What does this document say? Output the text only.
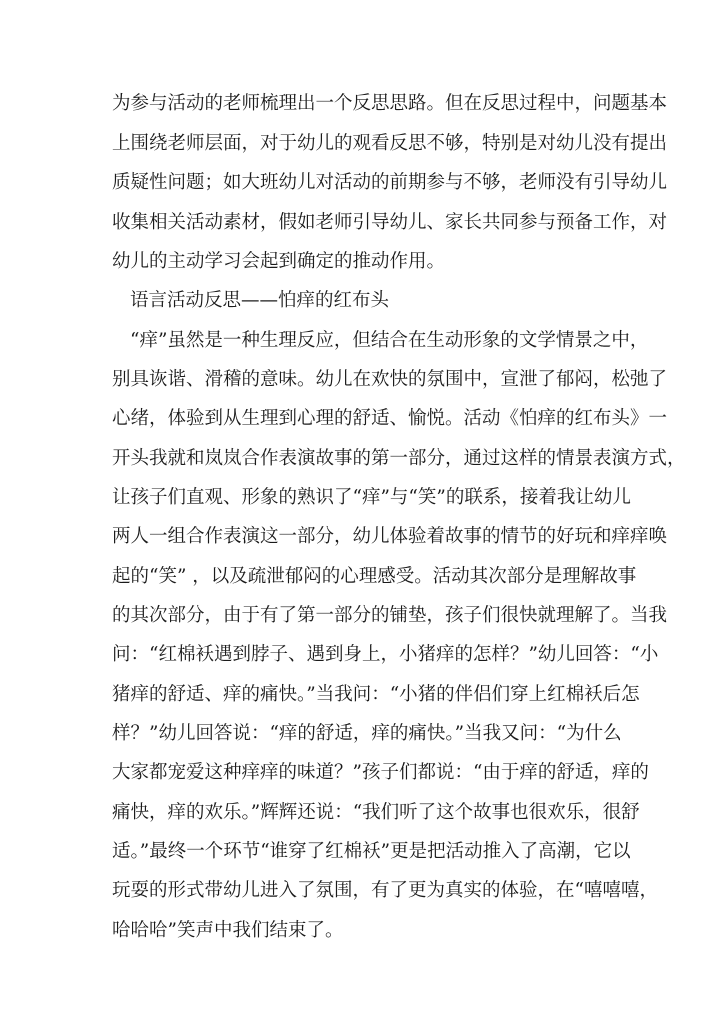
为参与活动的老师梳理出一个反思思路。但在反思过程中，问题基本
上围绕老师层面，对于幼儿的观看反思不够，特别是对幼儿没有提出
质疑性问题；如大班幼儿对活动的前期参与不够，老师没有引导幼儿
收集相关活动素材，假如老师引导幼儿、家长共同参与预备工作，对
幼儿的主动学习会起到确定的推动作用。
语言活动反思——怕痒的红布头
“痒”虽然是一种生理反应，但结合在生动形象的文学情景之中，
别具诙谐、滑稽的意味。幼儿在欢快的氛围中，宣泄了郁闷，松弛了
心绪，体验到从生理到心理的舒适、愉悦。活动《怕痒的红布头》一
开头我就和岚岚合作表演故事的第一部分，通过这样的情景表演方式，
让孩子们直观、形象的熟识了“痒”与“笑”的联系，接着我让幼儿
两人一组合作表演这一部分，幼儿体验着故事的情节的好玩和痒痒唤
起的“笑” ，以及疏泄郁闷的心理感受。活动其次部分是理解故事
的其次部分，由于有了第一部分的铺垫，孩子们很快就理解了。当我
问：“红棉袄遇到脖子、遇到身上，小猪痒的怎样？”幼儿回答：“小
猪痒的舒适、痒的痛快。”当我问：“小猪的伴侣们穿上红棉袄后怎
样？”幼儿回答说：“痒的舒适，痒的痛快。”当我又问：“为什么
大家都宠爱这种痒痒的味道？”孩子们都说：“由于痒的舒适，痒的
痛快，痒的欢乐。”辉辉还说：“我们听了这个故事也很欢乐，很舒
适。”最终一个环节“谁穿了红棉袄”更是把活动推入了高潮，它以
玩耍的形式带幼儿进入了氛围，有了更为真实的体验，在“嘻嘻嘻，
哈哈哈”笑声中我们结束了。
